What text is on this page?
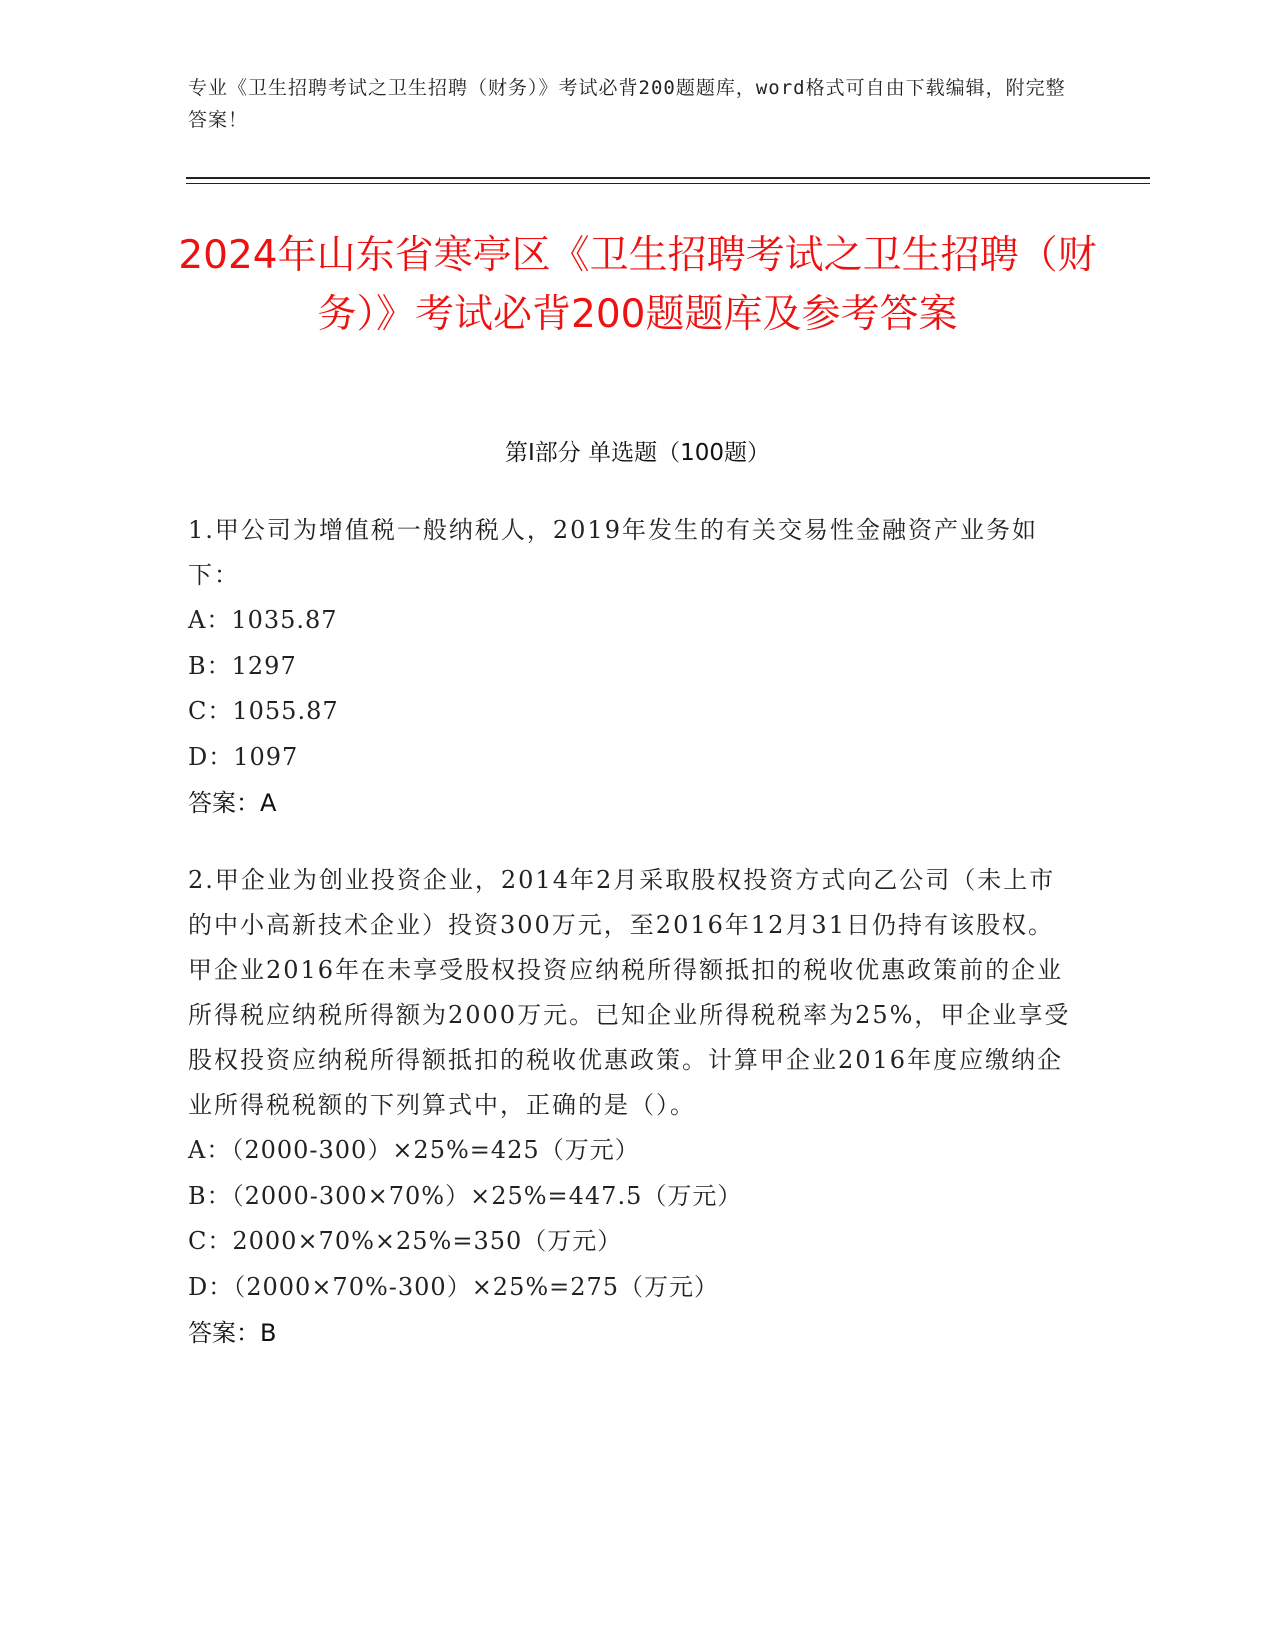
专业《卫生招聘考试之卫生招聘（财务）》考试必背200题题库，word格式可自由下载编辑，附完整答案！
2024年山东省寒亭区《卫生招聘考试之卫生招聘（财务）》考试必背200题题库及参考答案
第I部分 单选题（100题）

1.甲公司为增值税一般纳税人，2019年发生的有关交易性金融资产业务如下：

A：1035.87

B：1297

C：1055.87

D：1097

答案：A

2.甲企业为创业投资企业，2014年2月采取股权投资方式向乙公司（未上市的中小高新技术企业）投资300万元，至2016年12月31日仍持有该股权。甲企业2016年在未享受股权投资应纳税所得额抵扣的税收优惠政策前的企业所得税应纳税所得额为2000万元。已知企业所得税税率为25%，甲企业享受股权投资应纳税所得额抵扣的税收优惠政策。计算甲企业2016年度应缴纳企业所得税税额的下列算式中，正确的是（）。

A：（2000-300）×25%=425（万元）

B：（2000-300×70%）×25%=447.5（万元）

C：2000×70%×25%=350（万元）

D：（2000×70%-300）×25%=275（万元）

答案：B
